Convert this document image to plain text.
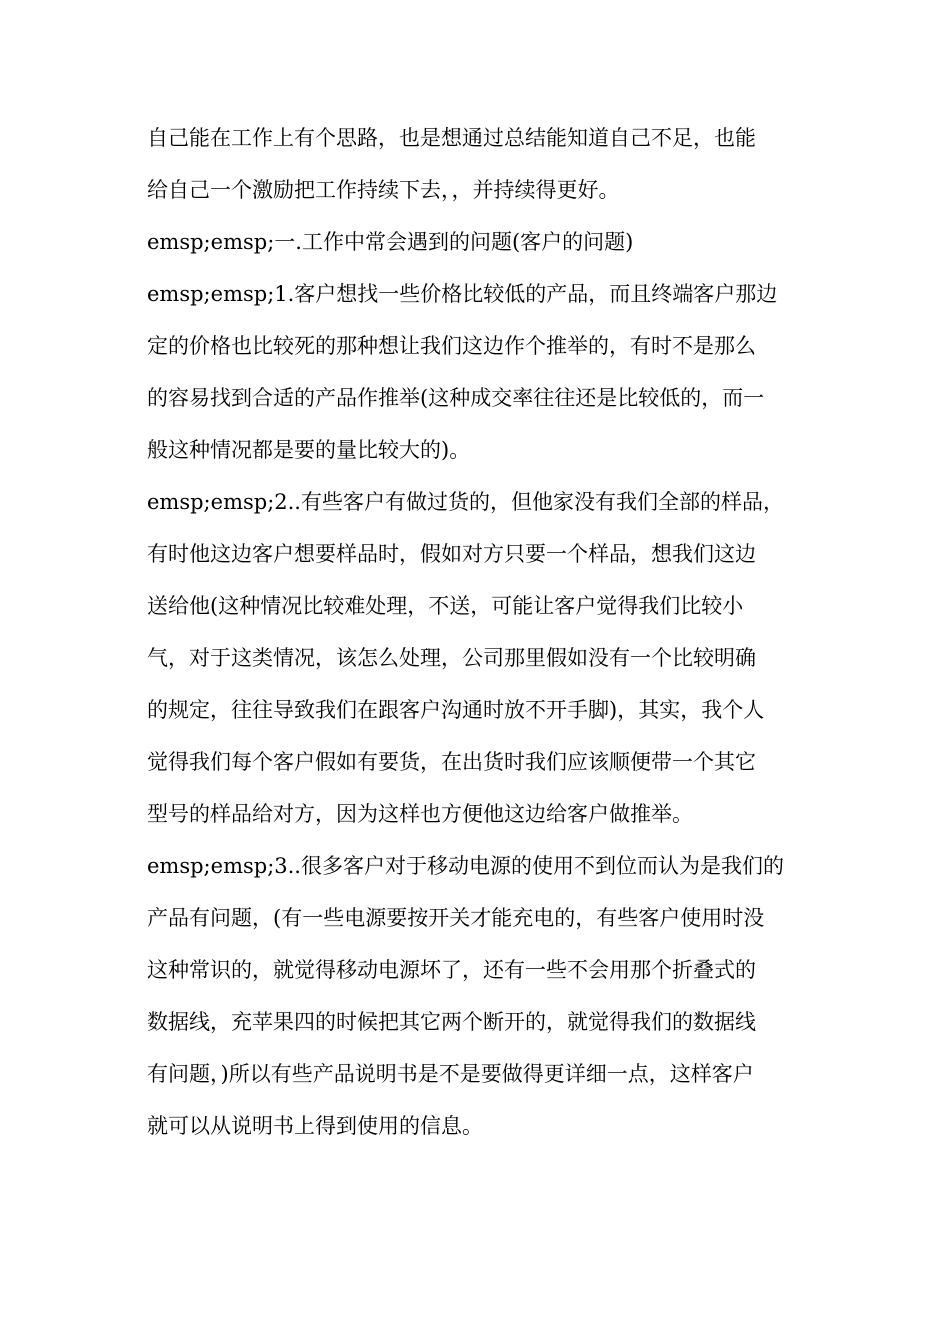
自己能在工作上有个思路，也是想通过总结能知道自己不足，也能
给自己一个激励把工作持续下去，，并持续得更好。
emsp;emsp;一.工作中常会遇到的问题(客户的问题)
emsp;emsp;1.客户想找一些价格比较低的产品，而且终端客户那边
定的价格也比较死的那种想让我们这边作个推举的，有时不是那么
的容易找到合适的产品作推举(这种成交率往往还是比较低的，而一
般这种情况都是要的量比较大的)。
emsp;emsp;2..有些客户有做过货的，但他家没有我们全部的样品，
有时他这边客户想要样品时，假如对方只要一个样品，想我们这边
送给他(这种情况比较难处理，不送，可能让客户觉得我们比较小
气，对于这类情况，该怎么处理，公司那里假如没有一个比较明确
的规定，往往导致我们在跟客户沟通时放不开手脚)，其实，我个人
觉得我们每个客户假如有要货，在出货时我们应该顺便带一个其它
型号的样品给对方，因为这样也方便他这边给客户做推举。
emsp;emsp;3..很多客户对于移动电源的使用不到位而认为是我们的
产品有问题，(有一些电源要按开关才能充电的，有些客户使用时没
这种常识的，就觉得移动电源坏了，还有一些不会用那个折叠式的
数据线，充苹果四的时候把其它两个断开的，就觉得我们的数据线
有问题，)所以有些产品说明书是不是要做得更详细一点，这样客户
就可以从说明书上得到使用的信息。
